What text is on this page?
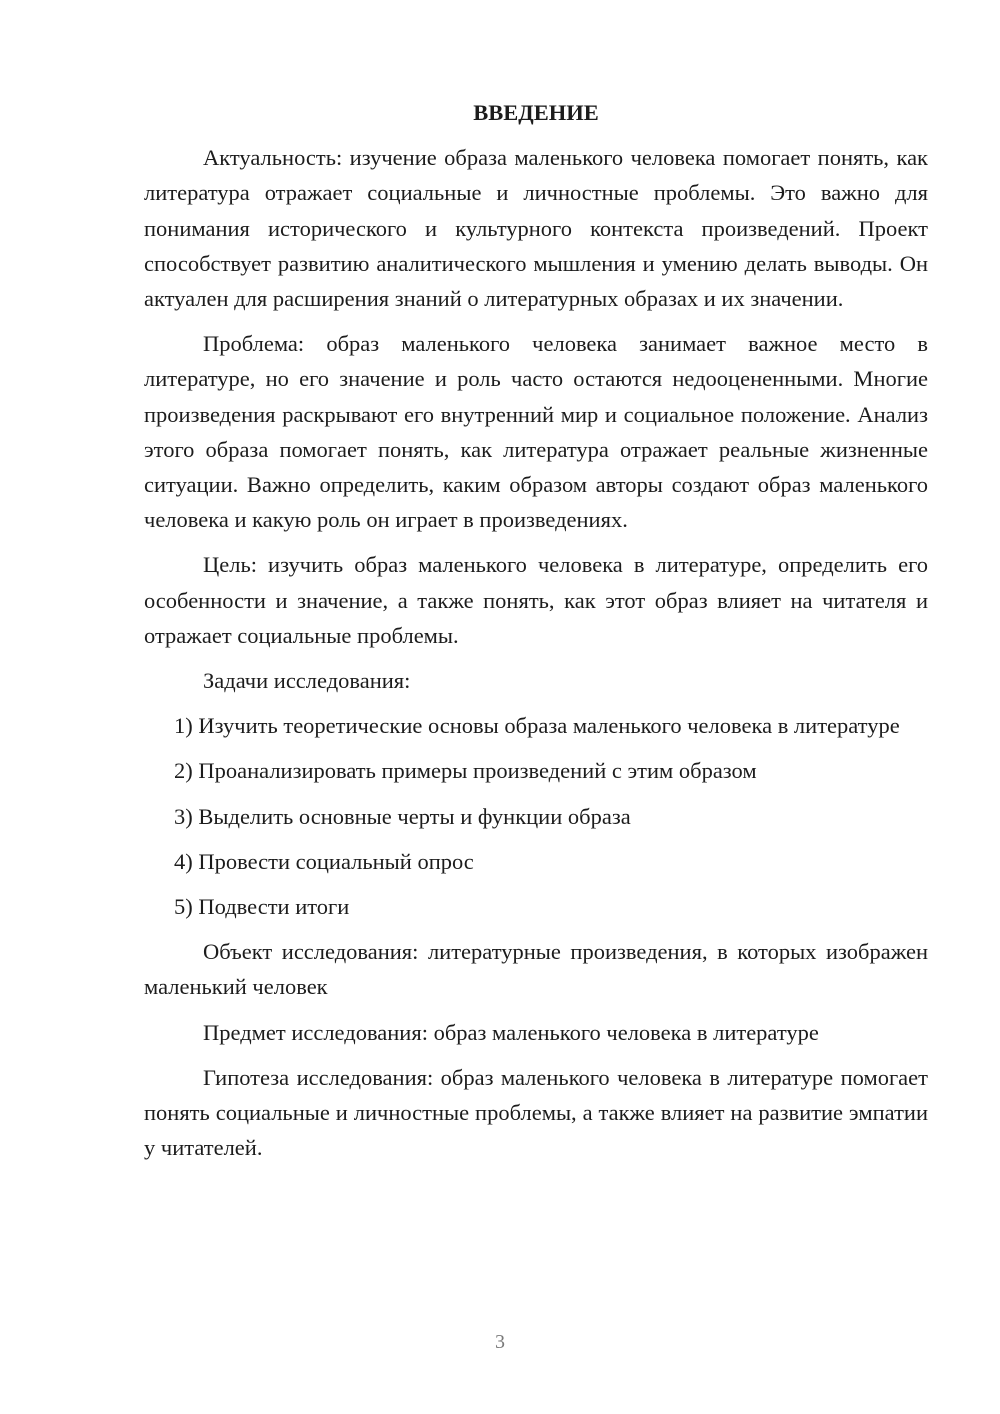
ВВЕДЕНИЕ

Актуальность: изучение образа маленького человека помогает понять, как литература отражает социальные и личностные проблемы. Это важно для понимания исторического и культурного контекста произведений. Проект способствует развитию аналитического мышления и умению делать выводы. Он актуален для расширения знаний о литературных образах и их значении.

Проблема: образ маленького человека занимает важное место в литературе, но его значение и роль часто остаются недооцененными. Многие произведения раскрывают его внутренний мир и социальное положение. Анализ этого образа помогает понять, как литература отражает реальные жизненные ситуации. Важно определить, каким образом авторы создают образ маленького человека и какую роль он играет в произведениях.

Цель: изучить образ маленького человека в литературе, определить его особенности и значение, а также понять, как этот образ влияет на читателя и отражает социальные проблемы.

Задачи исследования:

1) Изучить теоретические основы образа маленького человека в литературе

2) Проанализировать примеры произведений с этим образом

3) Выделить основные черты и функции образа

4) Провести социальный опрос

5) Подвести итоги

Объект исследования: литературные произведения, в которых изображен маленький человек

Предмет исследования: образ маленького человека в литературе

Гипотеза исследования: образ маленького человека в литературе помогает понять социальные и личностные проблемы, а также влияет на развитие эмпатии у читателей.

3
